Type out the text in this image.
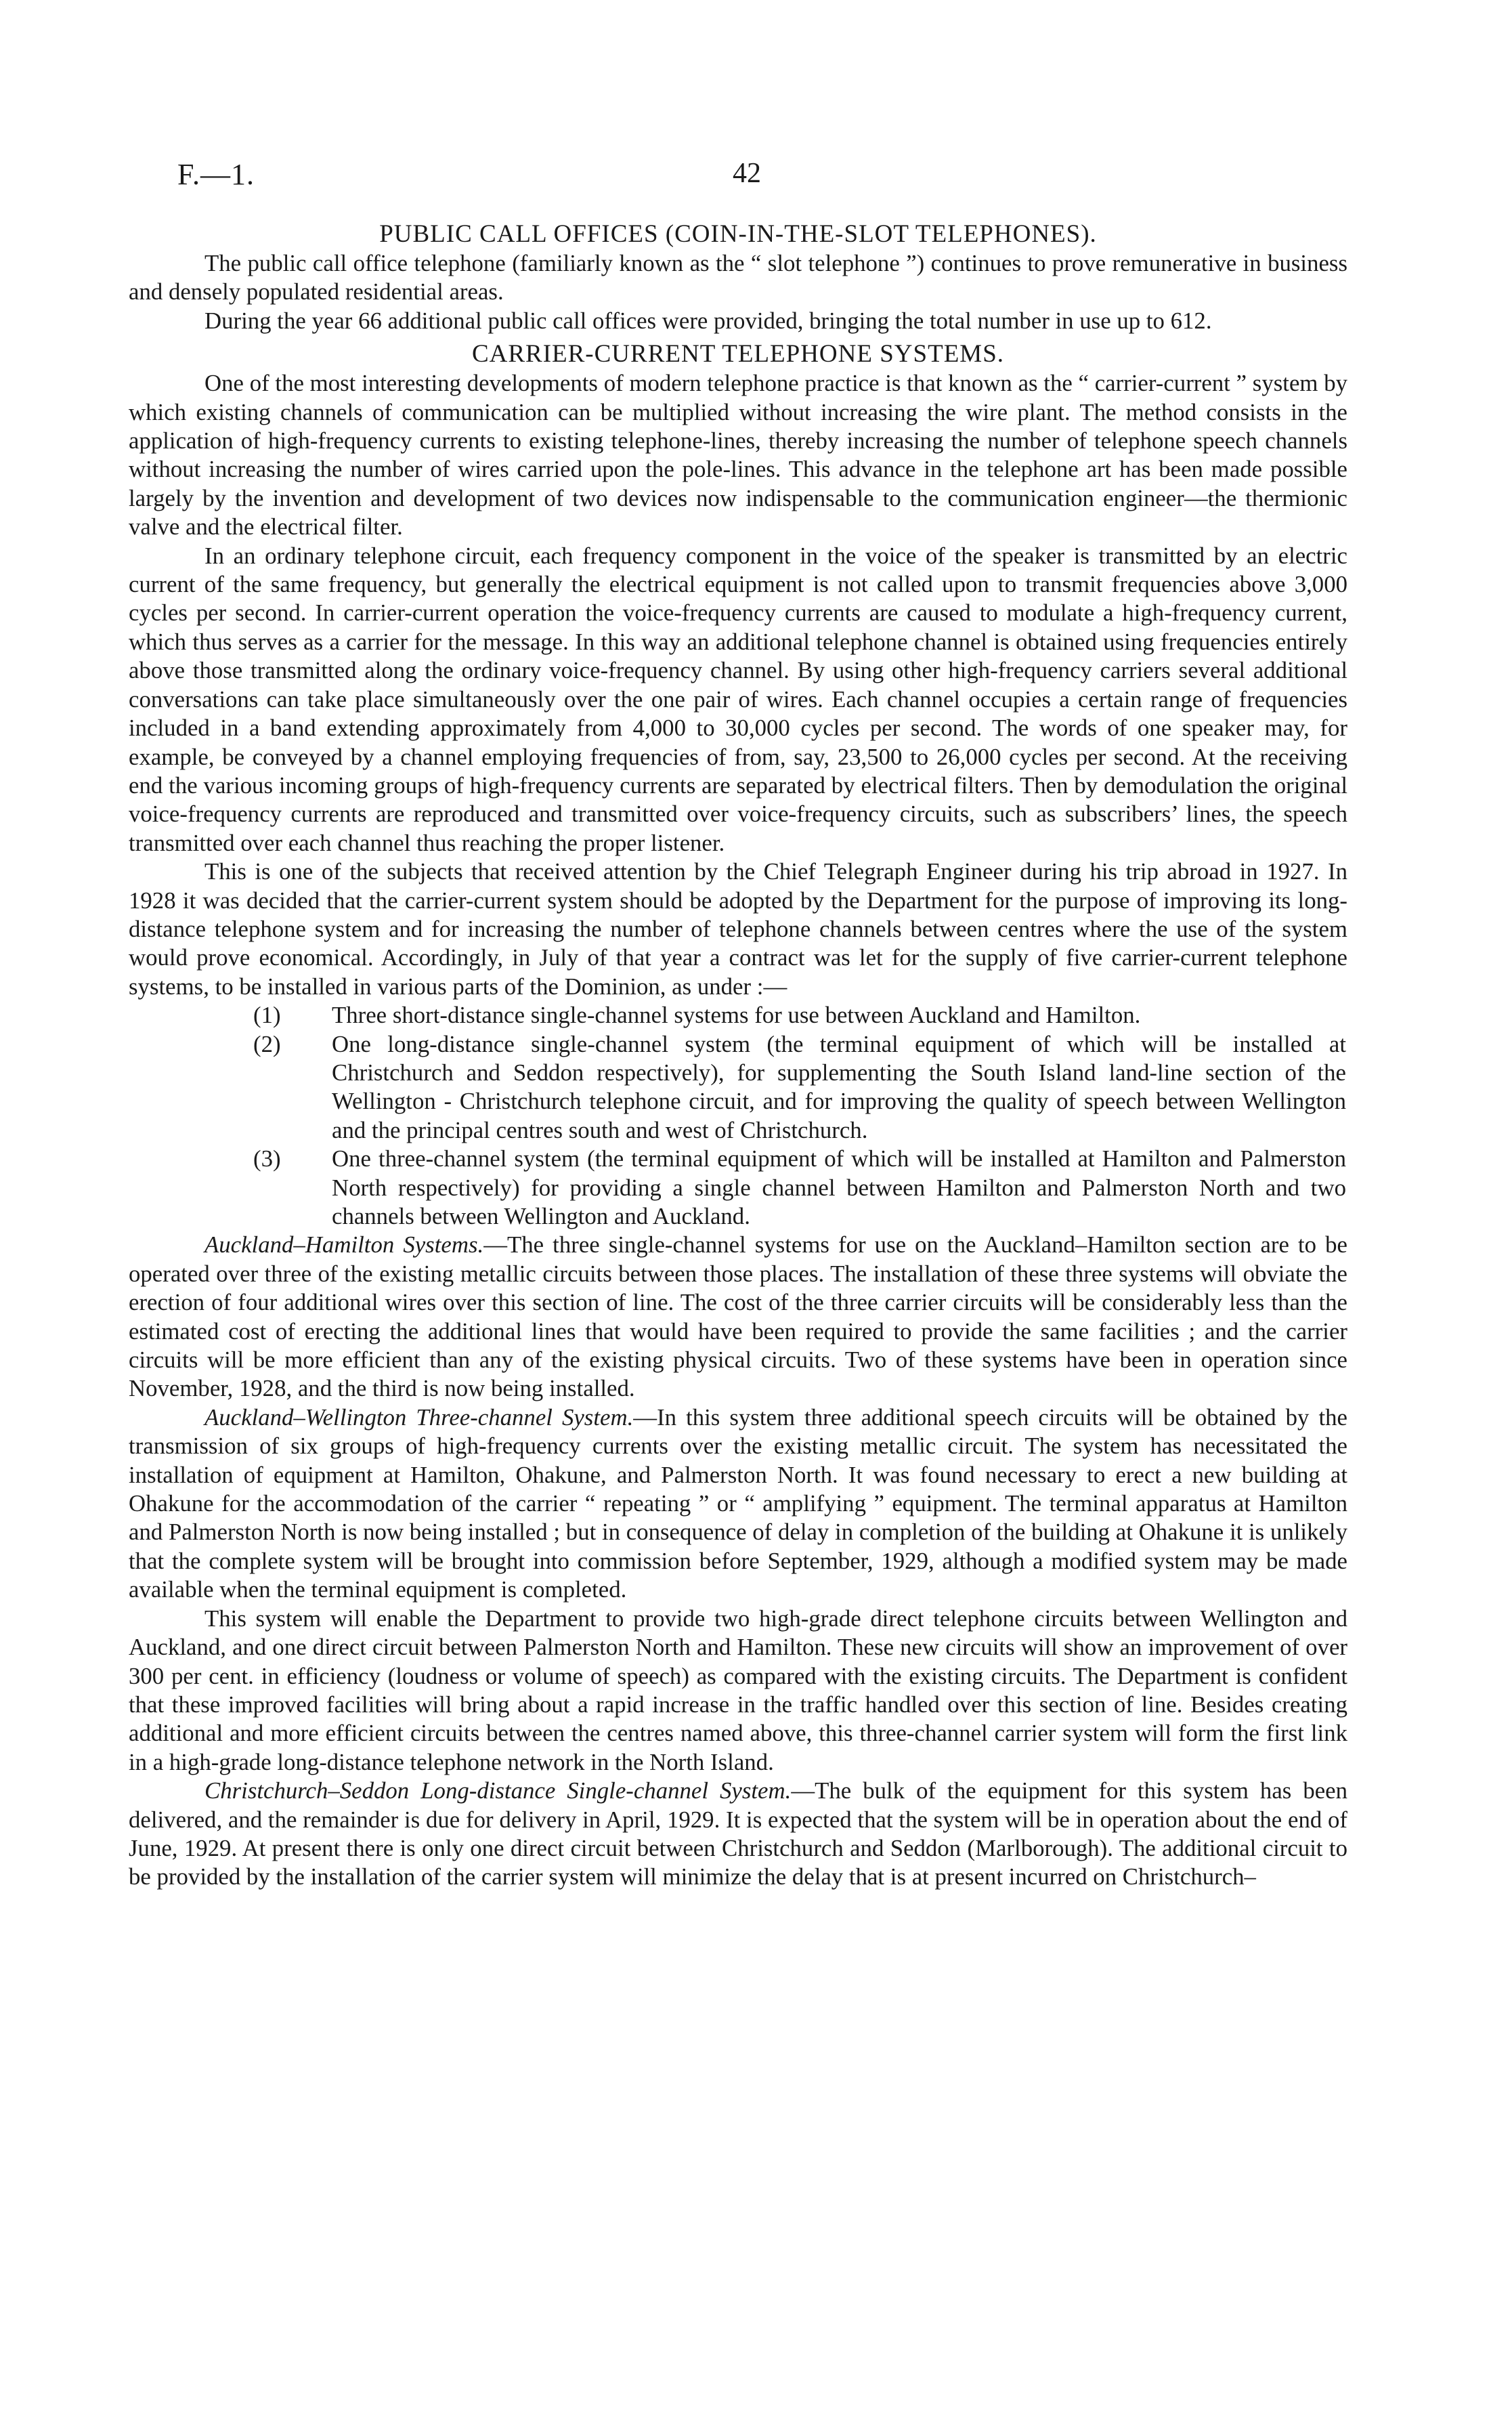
F.—1.	42
PUBLIC CALL OFFICES (COIN-IN-THE-SLOT TELEPHONES).

The public call office telephone (familiarly known as the “ slot telephone ”) continues to prove remunerative in business and densely populated residential areas.

During the year 66 additional public call offices were provided, bringing the total number in use up to 612.

CARRIER-CURRENT TELEPHONE SYSTEMS.

One of the most interesting developments of modern telephone practice is that known as the “ carrier-current ” system by which existing channels of communication can be multiplied without increasing the wire plant. The method consists in the application of high-frequency currents to existing telephone-lines, thereby increasing the number of telephone speech channels without increasing the number of wires carried upon the pole-lines. This advance in the telephone art has been made possible largely by the invention and development of two devices now indispensable to the communication engineer—the thermionic valve and the electrical filter.

In an ordinary telephone circuit, each frequency component in the voice of the speaker is transmitted by an electric current of the same frequency, but generally the electrical equipment is not called upon to transmit frequencies above 3,000 cycles per second. In carrier-current operation the voice-frequency currents are caused to modulate a high-frequency current, which thus serves as a carrier for the message. In this way an additional telephone channel is obtained using frequencies entirely above those transmitted along the ordinary voice-frequency channel. By using other high-frequency carriers several additional conversations can take place simultaneously over the one pair of wires. Each channel occupies a certain range of frequencies included in a band extending approximately from 4,000 to 30,000 cycles per second. The words of one speaker may, for example, be conveyed by a channel employing frequencies of from, say, 23,500 to 26,000 cycles per second. At the receiving end the various incoming groups of high-frequency currents are separated by electrical filters. Then by demodulation the original voice-frequency currents are reproduced and transmitted over voice-frequency circuits, such as subscribers’ lines, the speech transmitted over each channel thus reaching the proper listener.

This is one of the subjects that received attention by the Chief Telegraph Engineer during his trip abroad in 1927. In 1928 it was decided that the carrier-current system should be adopted by the Department for the purpose of improving its long-distance telephone system and for increasing the number of telephone channels between centres where the use of the system would prove economical. Accordingly, in July of that year a contract was let for the supply of five carrier-current telephone systems, to be installed in various parts of the Dominion, as under :—

(1) Three short-distance single-channel systems for use between Auckland and Hamilton.
(2) One long-distance single-channel system (the terminal equipment of which will be installed at Christchurch and Seddon respectively), for supplementing the South Island land-line section of the Wellington - Christchurch telephone circuit, and for improving the quality of speech between Wellington and the principal centres south and west of Christchurch.
(3) One three-channel system (the terminal equipment of which will be installed at Hamilton and Palmerston North respectively) for providing a single channel between Hamilton and Palmerston North and two channels between Wellington and Auckland.

Auckland–Hamilton Systems.—The three single-channel systems for use on the Auckland–Hamilton section are to be operated over three of the existing metallic circuits between those places. The installation of these three systems will obviate the erection of four additional wires over this section of line. The cost of the three carrier circuits will be considerably less than the estimated cost of erecting the additional lines that would have been required to provide the same facilities ; and the carrier circuits will be more efficient than any of the existing physical circuits. Two of these systems have been in operation since November, 1928, and the third is now being installed.

Auckland–Wellington Three-channel System.—In this system three additional speech circuits will be obtained by the transmission of six groups of high-frequency currents over the existing metallic circuit. The system has necessitated the installation of equipment at Hamilton, Ohakune, and Palmerston North. It was found necessary to erect a new building at Ohakune for the accommodation of the carrier “ repeating ” or “ amplifying ” equipment. The terminal apparatus at Hamilton and Palmerston North is now being installed ; but in consequence of delay in completion of the building at Ohakune it is unlikely that the complete system will be brought into commission before September, 1929, although a modified system may be made available when the terminal equipment is completed.

This system will enable the Department to provide two high-grade direct telephone circuits between Wellington and Auckland, and one direct circuit between Palmerston North and Hamilton. These new circuits will show an improvement of over 300 per cent. in efficiency (loudness or volume of speech) as compared with the existing circuits. The Department is confident that these improved facilities will bring about a rapid increase in the traffic handled over this section of line. Besides creating additional and more efficient circuits between the centres named above, this three-channel carrier system will form the first link in a high-grade long-distance telephone network in the North Island.

Christchurch–Seddon Long-distance Single-channel System.—The bulk of the equipment for this system has been delivered, and the remainder is due for delivery in April, 1929. It is expected that the system will be in operation about the end of June, 1929. At present there is only one direct circuit between Christchurch and Seddon (Marlborough). The additional circuit to be provided by the installation of the carrier system will minimize the delay that is at present incurred on Christchurch–
